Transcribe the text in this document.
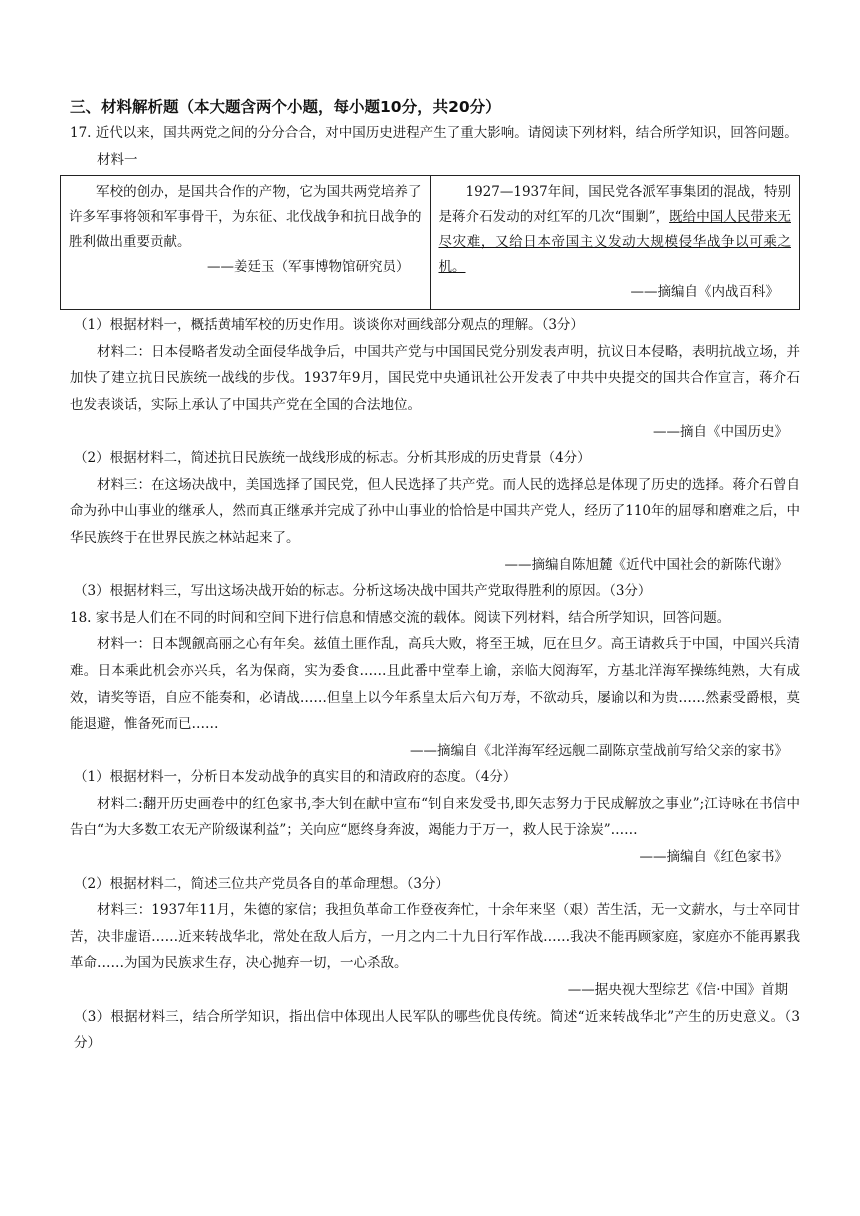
三、材料解析题（本大题含两个小题，每小题10分，共20分）

17. 近代以来，国共两党之间的分分合合，对中国历史进程产生了重大影响。请阅读下列材料，结合所学知识，回答问题。

材料一

军校的创办，是国共合作的产物，它为国共两党培养了许多军事将领和军事骨干，为东征、北伐战争和抗日战争的胜利做出重要贡献。

——姜廷玉（军事博物馆研究员）

1927—1937年间，国民党各派军事集团的混战，特别是蒋介石发动的对红军的几次“围剿”，既给中国人民带来无尽灾难，又给日本帝国主义发动大规模侵华战争以可乘之机。

——摘编自《内战百科》

（1）根据材料一，概括黄埔军校的历史作用。谈谈你对画线部分观点的理解。（3分）

材料二：日本侵略者发动全面侵华战争后，中国共产党与中国国民党分别发表声明，抗议日本侵略，表明抗战立场，并加快了建立抗日民族统一战线的步伐。1937年9月，国民党中央通讯社公开发表了中共中央提交的国共合作宣言，蒋介石也发表谈话，实际上承认了中国共产党在全国的合法地位。

——摘自《中国历史》

（2）根据材料二，简述抗日民族统一战线形成的标志。分析其形成的历史背景（4分）

材料三：在这场决战中，美国选择了国民党，但人民选择了共产党。而人民的选择总是体现了历史的选择。蒋介石曾自命为孙中山事业的继承人，然而真正继承并完成了孙中山事业的恰恰是中国共产党人，经历了110年的屈辱和磨难之后，中华民族终于在世界民族之林站起来了。

——摘编自陈旭麓《近代中国社会的新陈代谢》

（3）根据材料三，写出这场决战开始的标志。分析这场决战中国共产党取得胜利的原因。（3分）

18. 家书是人们在不同的时间和空间下进行信息和情感交流的载体。阅读下列材料，结合所学知识，回答问题。

材料一：日本觊觎高丽之心有年矣。兹值土匪作乱，高兵大败，将至王城，厄在旦夕。高王请救兵于中国，中国兴兵清难。日本乘此机会亦兴兵，名为保商，实为委食……且此番中堂奉上谕，亲临大阅海军，方基北洋海军操练纯熟，大有成效，请奖等语，自应不能奏和，必请战……但皇上以今年系皇太后六旬万寿，不欲动兵，屡谕以和为贵……然素受爵根，莫能退避，惟备死而已……

——摘编自《北洋海军经远舰二副陈京莹战前写给父亲的家书》

（1）根据材料一，分析日本发动战争的真实目的和清政府的态度。（4分）

材料二:翻开历史画卷中的红色家书,李大钊在献中宣布“钊自来发受书,即矢志努力于民成解放之事业”;江诗咏在书信中告白“为大多数工农无产阶级谋利益”；关向应“愿终身奔波，竭能力于万一，救人民于涂炭”……

——摘编自《红色家书》

（2）根据材料二，简述三位共产党员各自的革命理想。（3分）

材料三：1937年11月，朱德的家信；我担负革命工作登夜奔忙，十余年来坚（艰）苦生活，无一文薪水，与士卒同甘苦，决非虚语……近来转战华北，常处在敌人后方，一月之内二十九日行军作战……我决不能再顾家庭，家庭亦不能再累我革命……为国为民族求生存，决心抛弃一切，一心杀敌。

——据央视大型综艺《信·中国》首期

（3）根据材料三，结合所学知识，指出信中体现出人民军队的哪些优良传统。简述“近来转战华北”产生的历史意义。（3分）
